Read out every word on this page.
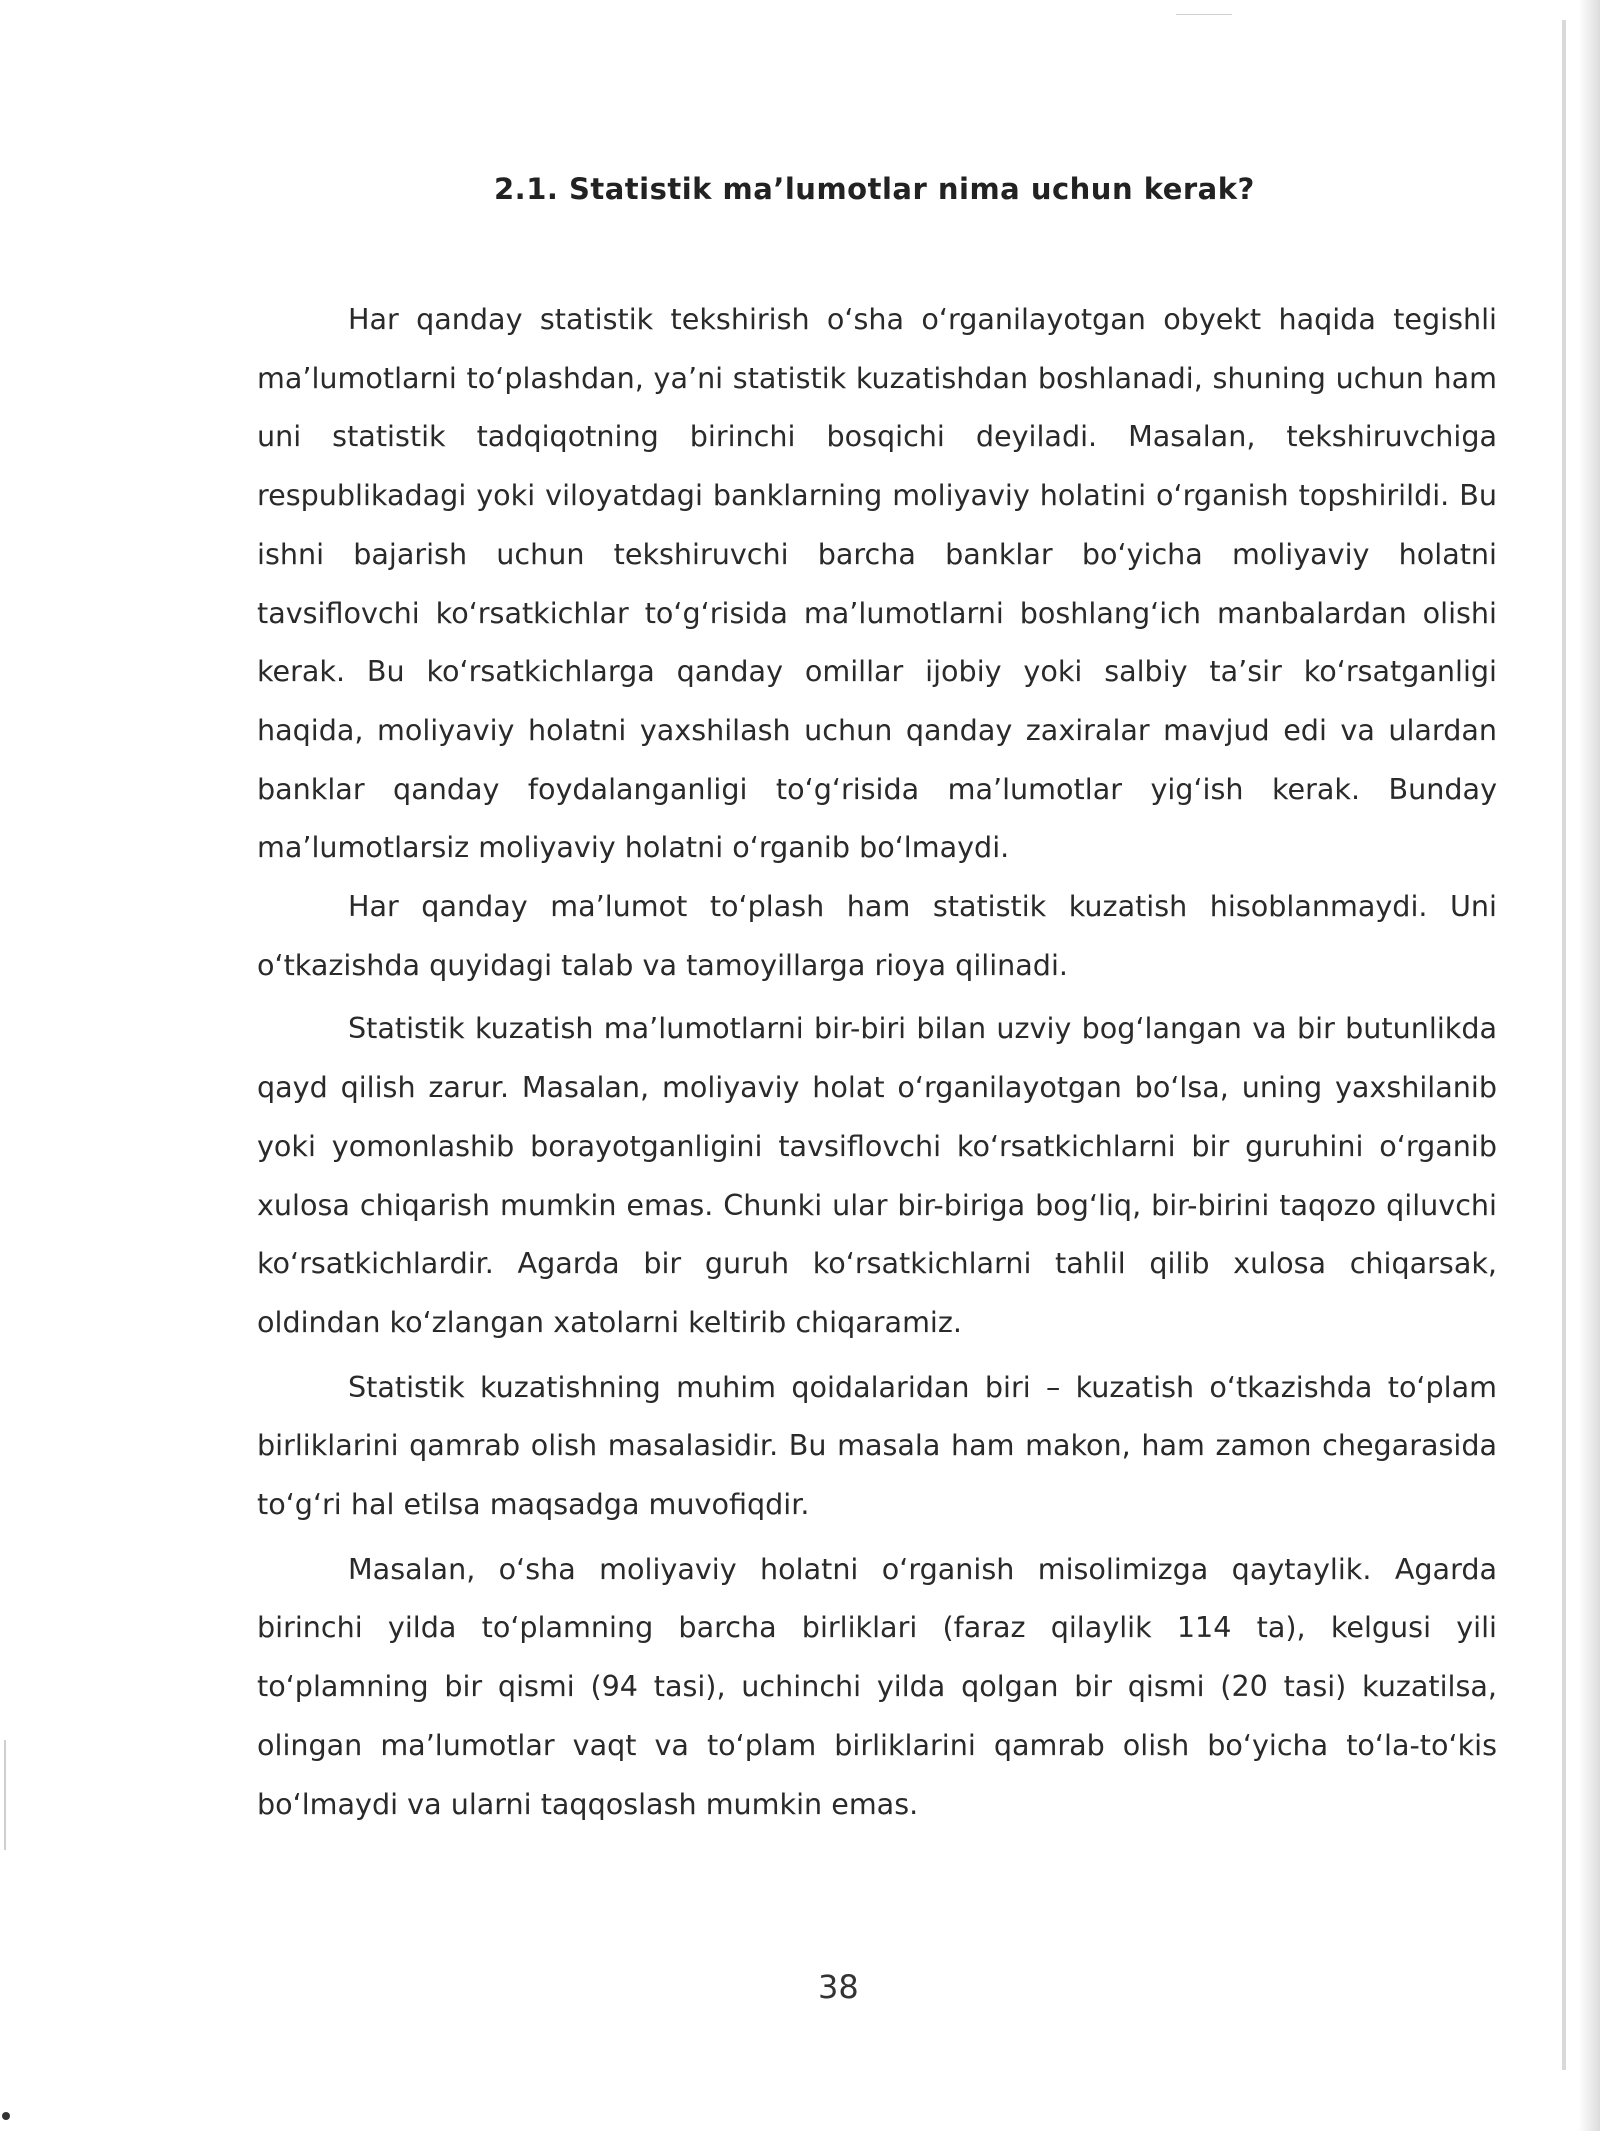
2.1. Statistik ma’lumotlar nima uchun kerak?

Har qanday statistik tekshirish o‘sha o‘rganilayotgan obyekt haqida tegishli ma’lumotlarni to‘plashdan, ya’ni statistik kuzatishdan boshlanadi, shuning uchun ham uni statistik tadqiqotning birinchi bosqichi deyiladi. Masalan, tekshiruvchiga respublikadagi yoki viloyatdagi banklarning moliyaviy holatini o‘rganish topshirildi. Bu ishni bajarish uchun tekshiruvchi barcha banklar bo‘yicha moliyaviy holatni tavsiflovchi ko‘rsatkichlar to‘g‘risida ma’lumotlarni boshlang‘ich manbalardan olishi kerak. Bu ko‘rsatkichlarga qanday omillar ijobiy yoki salbiy ta’sir ko‘rsatganligi haqida, moliyaviy holatni yaxshilash uchun qanday zaxiralar mavjud edi va ulardan banklar qanday foydalanganligi to‘g‘risida ma’lumotlar yig‘ish kerak. Bunday ma’lumotlarsiz moliyaviy holatni o‘rganib bo‘lmaydi.

Har qanday ma’lumot to‘plash ham statistik kuzatish hisoblanmaydi. Uni o‘tkazishda quyidagi talab va tamoyillarga rioya qilinadi.

Statistik kuzatish ma’lumotlarni bir-biri bilan uzviy bog‘langan va bir butunlikda qayd qilish zarur. Masalan, moliyaviy holat o‘rganilayotgan bo‘lsa, uning yaxshilanib yoki yomonlashib borayotganligini tavsiflovchi ko‘rsatkichlarni bir guruhini o‘rganib xulosa chiqarish mumkin emas. Chunki ular bir-biriga bog‘liq, bir-birini taqozo qiluvchi ko‘rsatkichlardir. Agarda bir guruh ko‘rsatkichlarni tahlil qilib xulosa chiqarsak, oldindan ko‘zlangan xatolarni keltirib chiqaramiz.

Statistik kuzatishning muhim qoidalaridan biri – kuzatish o‘tkazishda to‘plam birliklarini qamrab olish masalasidir. Bu masala ham makon, ham zamon chegarasida to‘g‘ri hal etilsa maqsadga muvofiqdir.

Masalan, o‘sha moliyaviy holatni o‘rganish misolimizga qaytaylik. Agarda birinchi yilda to‘plamning barcha birliklari (faraz qilaylik 114 ta), kelgusi yili to‘plamning bir qismi (94 tasi), uchinchi yilda qolgan bir qismi (20 tasi) kuzatilsa, olingan ma’lumotlar vaqt va to‘plam birliklarini qamrab olish bo‘yicha to‘la-to‘kis bo‘lmaydi va ularni taqqoslash mumkin emas.

38
